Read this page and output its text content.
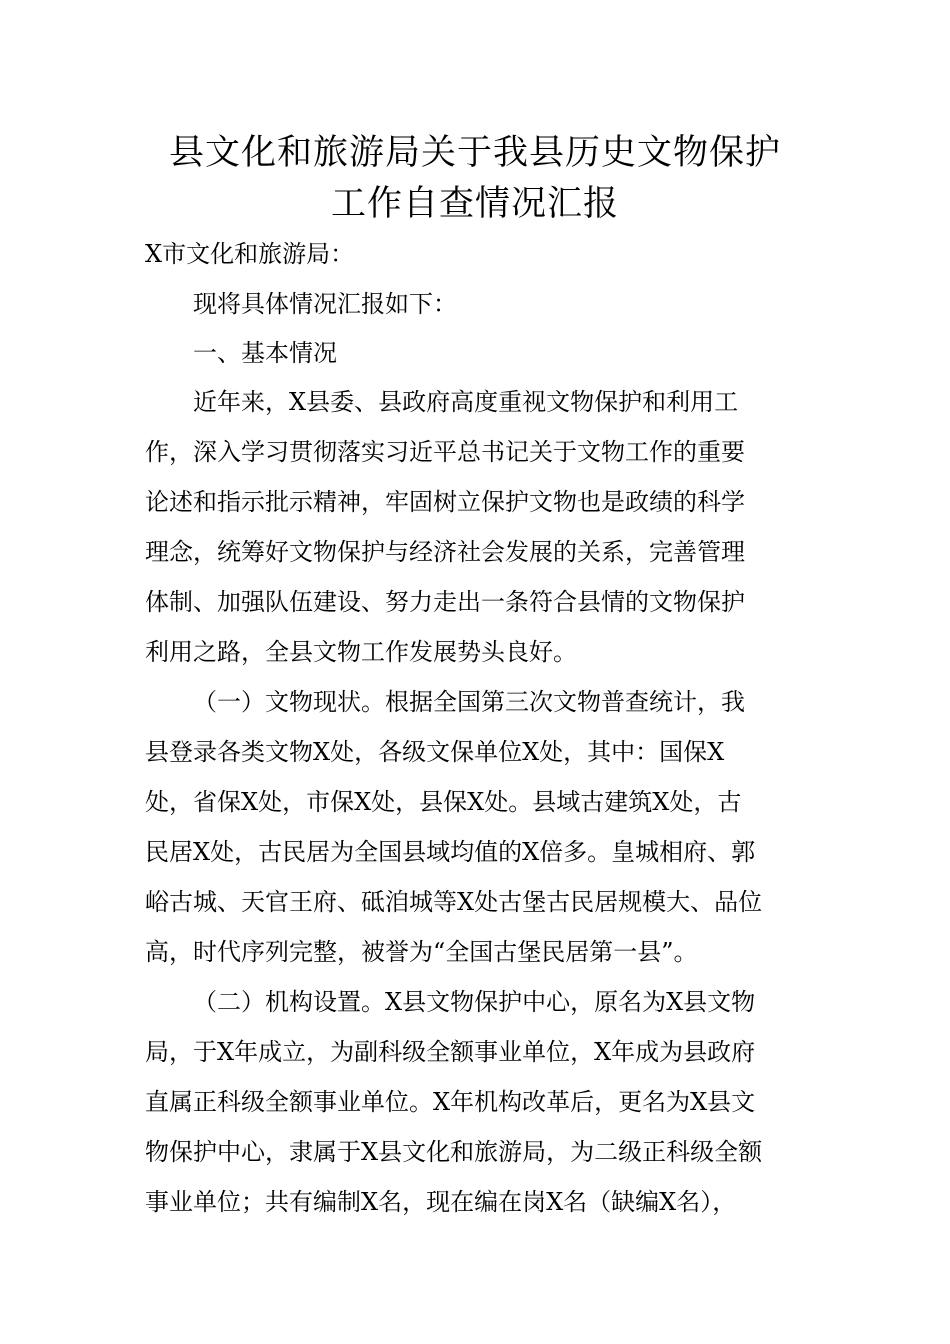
县文化和旅游局关于我县历史文物保护
工作自查情况汇报
X市文化和旅游局：
现将具体情况汇报如下：
一、基本情况
近年来，X县委、县政府高度重视文物保护和利用工
作，深入学习贯彻落实习近平总书记关于文物工作的重要
论述和指示批示精神，牢固树立保护文物也是政绩的科学
理念，统筹好文物保护与经济社会发展的关系，完善管理
体制、加强队伍建设、努力走出一条符合县情的文物保护
利用之路，全县文物工作发展势头良好。
（一）文物现状。根据全国第三次文物普查统计，我
县登录各类文物X处，各级文保单位X处，其中：国保X
处，省保X处，市保X处，县保X处。县域古建筑X处，古
民居X处，古民居为全国县域均值的X倍多。皇城相府、郭
峪古城、天官王府、砥洎城等X处古堡古民居规模大、品位
高，时代序列完整，被誉为“全国古堡民居第一县”。
（二）机构设置。X县文物保护中心，原名为X县文物
局，于X年成立，为副科级全额事业单位，X年成为县政府
直属正科级全额事业单位。X年机构改革后，更名为X县文
物保护中心，隶属于X县文化和旅游局，为二级正科级全额
事业单位；共有编制X名，现在编在岗X名（缺编X名），
